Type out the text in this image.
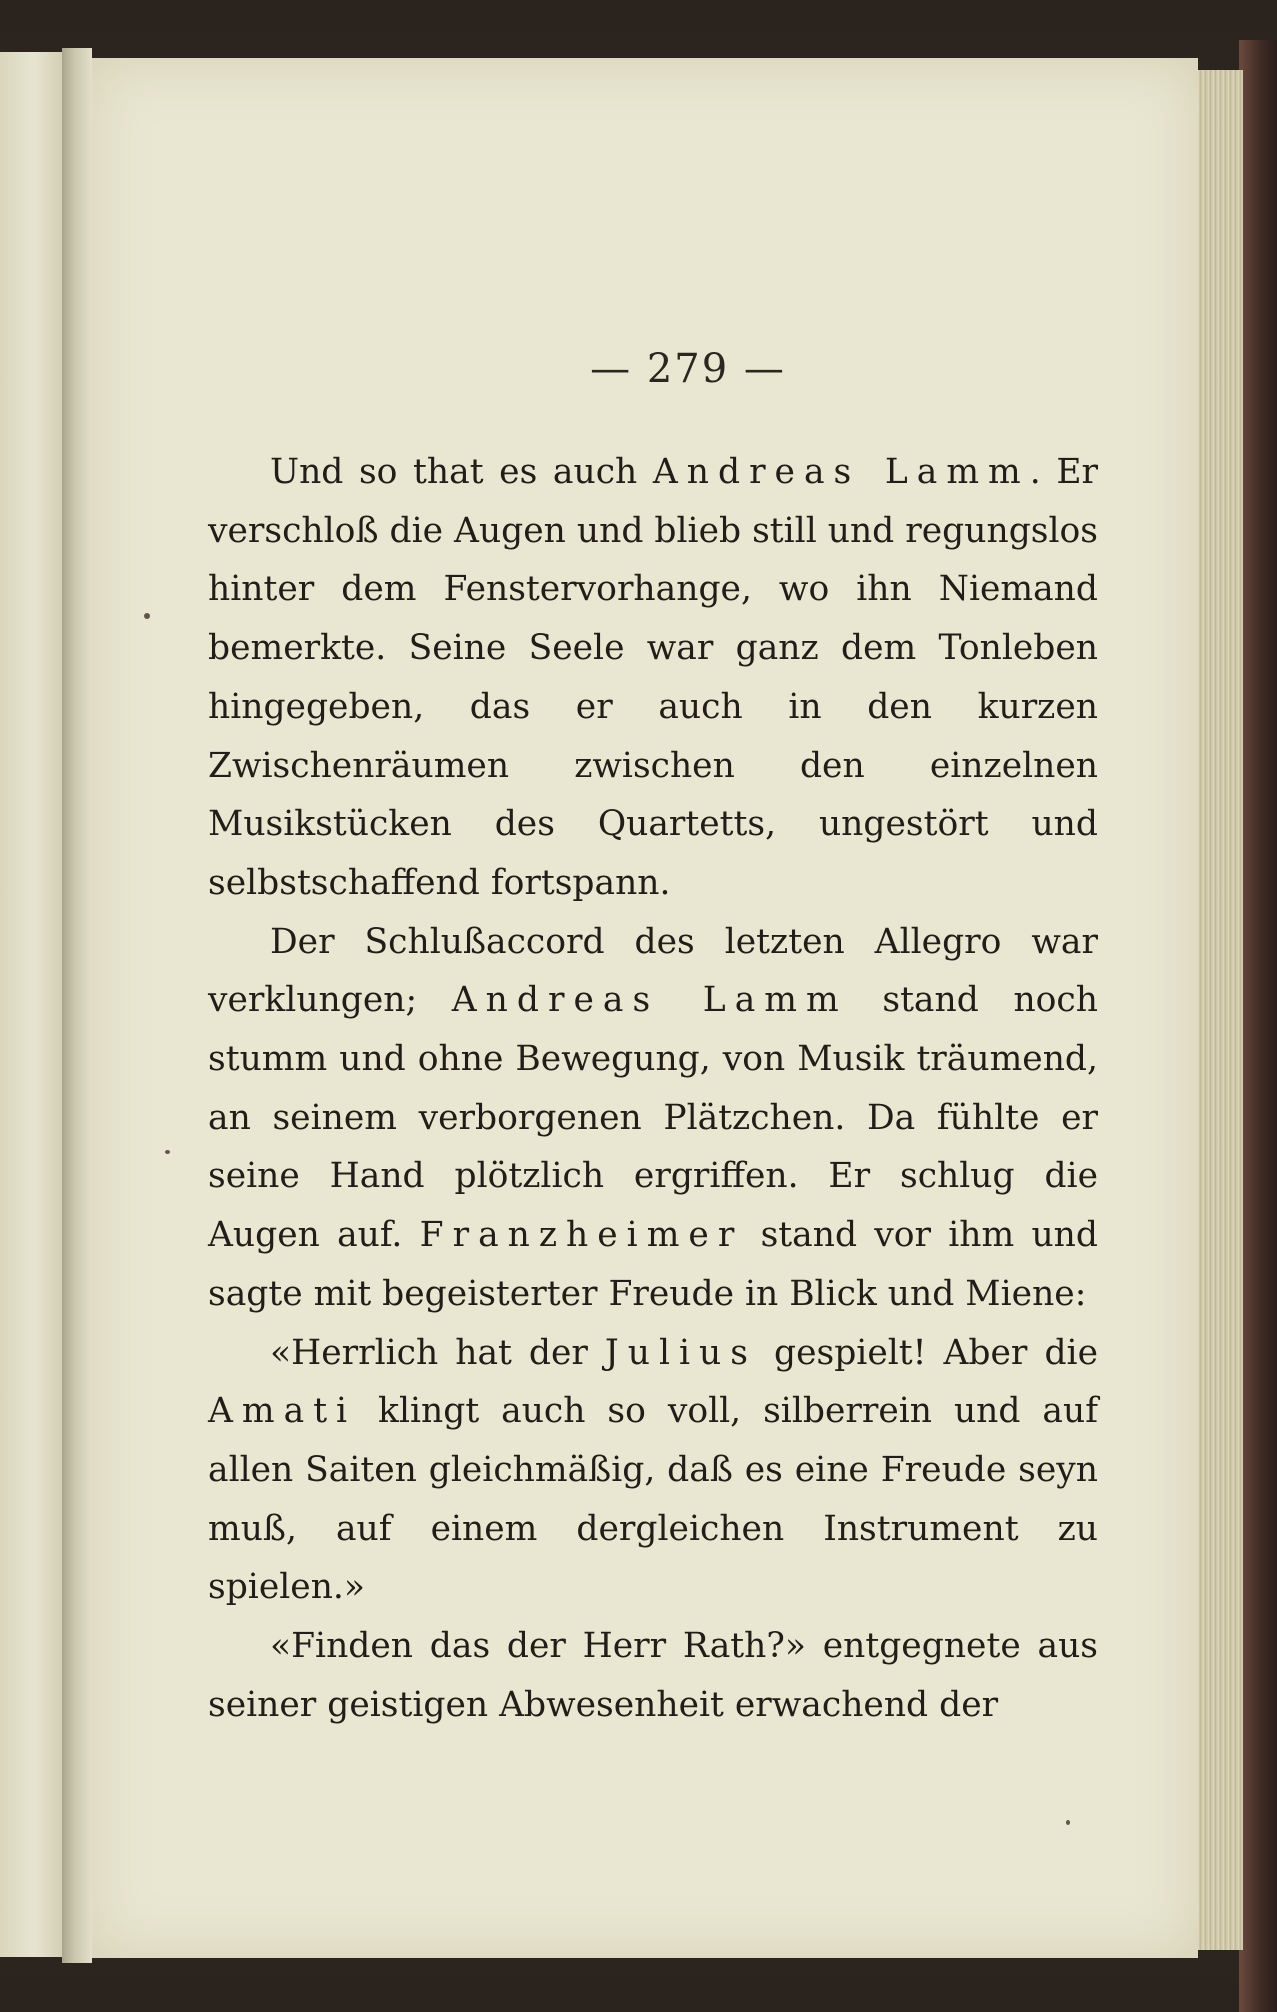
— 279 —

Und so that es auch Andreas Lamm. Er verschloß die Augen und blieb still und regungslos hinter dem Fenstervorhange, wo ihn Niemand bemerkte. Seine Seele war ganz dem Tonleben hingegeben, das er auch in den kurzen Zwischenräumen zwischen den einzelnen Musikstücken des Quartetts, ungestört und selbstschaffend fortspann.

Der Schlußaccord des letzten Allegro war verklungen; Andreas Lamm stand noch stumm und ohne Bewegung, von Musik träumend, an seinem verborgenen Plätzchen. Da fühlte er seine Hand plötzlich ergriffen. Er schlug die Augen auf. Franzheimer stand vor ihm und sagte mit begeisterter Freude in Blick und Miene:

«Herrlich hat der Julius gespielt! Aber die Amati klingt auch so voll, silberrein und auf allen Saiten gleichmäßig, daß es eine Freude seyn muß, auf einem dergleichen Instrument zu spielen.»

«Finden das der Herr Rath?» entgegnete aus seiner geistigen Abwesenheit erwachend der
